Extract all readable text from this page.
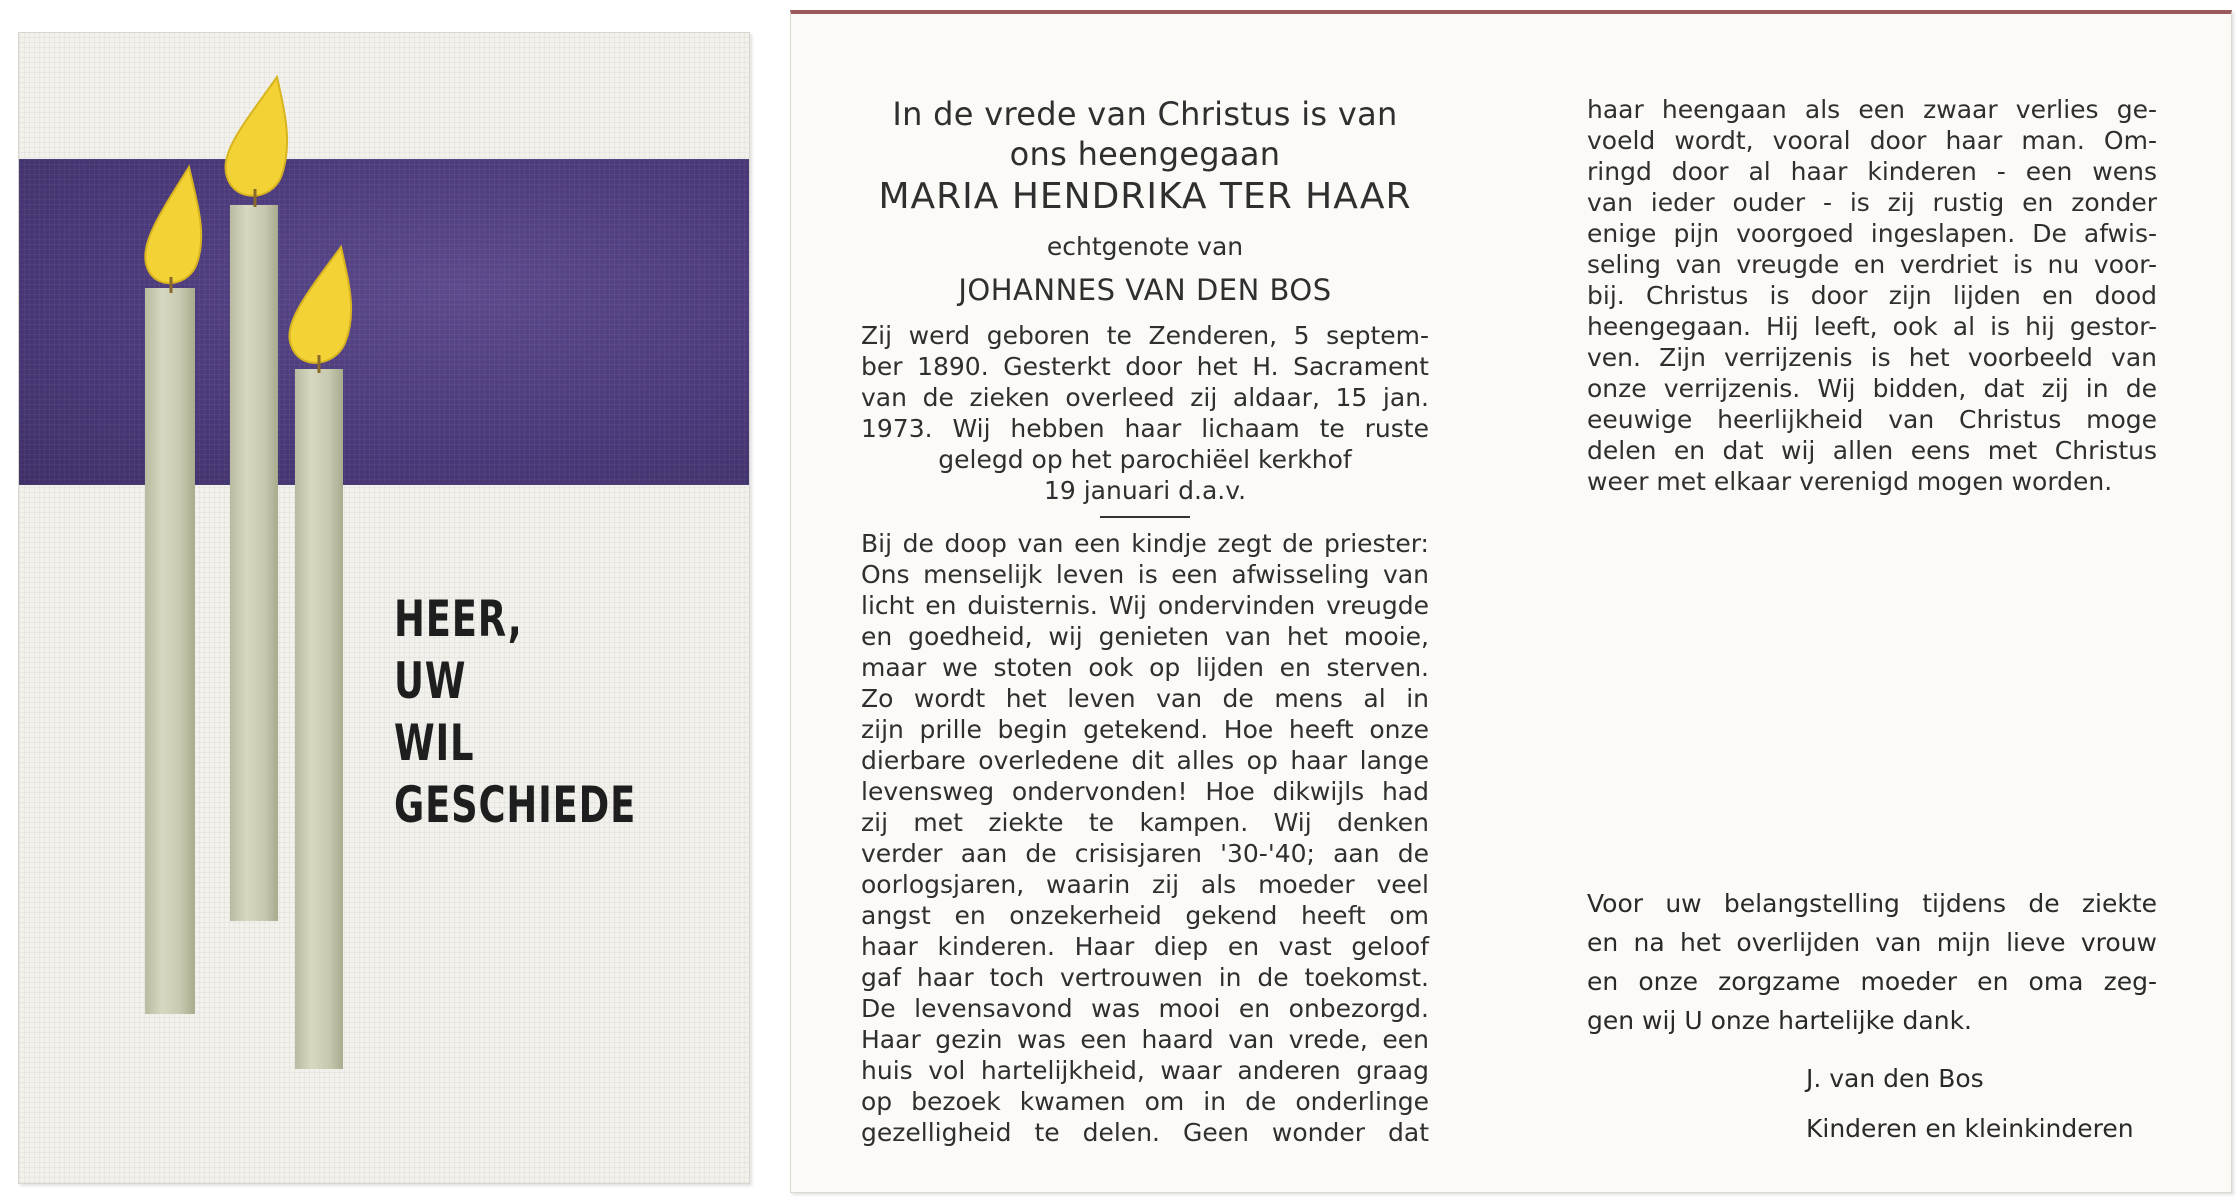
HEER,
UW
WIL
GESCHIEDE

In de vrede van Christus is van
ons heengegaan

MARIA HENDRIKA TER HAAR

echtgenote van

JOHANNES VAN DEN BOS

Zij werd geboren te Zenderen, 5 septem-
ber 1890. Gesterkt door het H. Sacrament
van de zieken overleed zij aldaar, 15 jan.
1973. Wij hebben haar lichaam te ruste
gelegd op het parochiëel kerkhof
19 januari d.a.v.
Bij de doop van een kindje zegt de priester:
Ons menselijk leven is een afwisseling van
licht en duisternis. Wij ondervinden vreugde
en goedheid, wij genieten van het mooie,
maar we stoten ook op lijden en sterven.
Zo wordt het leven van de mens al in
zijn prille begin getekend. Hoe heeft onze
dierbare overledene dit alles op haar lange
levensweg ondervonden! Hoe dikwijls had
zij met ziekte te kampen. Wij denken
verder aan de crisisjaren '30-'40; aan de
oorlogsjaren, waarin zij als moeder veel
angst en onzekerheid gekend heeft om
haar kinderen. Haar diep en vast geloof
gaf haar toch vertrouwen in de toekomst.
De levensavond was mooi en onbezorgd.
Haar gezin was een haard van vrede, een
huis vol hartelijkheid, waar anderen graag
op bezoek kwamen om in de onderlinge
gezelligheid te delen. Geen wonder dat
haar heengaan als een zwaar verlies ge-
voeld wordt, vooral door haar man. Om-
ringd door al haar kinderen - een wens
van ieder ouder - is zij rustig en zonder
enige pijn voorgoed ingeslapen. De afwis-
seling van vreugde en verdriet is nu voor-
bij. Christus is door zijn lijden en dood
heengegaan. Hij leeft, ook al is hij gestor-
ven. Zijn verrijzenis is het voorbeeld van
onze verrijzenis. Wij bidden, dat zij in de
eeuwige heerlijkheid van Christus moge
delen en dat wij allen eens met Christus
weer met elkaar verenigd mogen worden.
Voor uw belangstelling tijdens de ziekte
en na het overlijden van mijn lieve vrouw
en onze zorgzame moeder en oma zeg-
gen wij U onze hartelijke dank.
J. van den Bos
Kinderen en kleinkinderen
